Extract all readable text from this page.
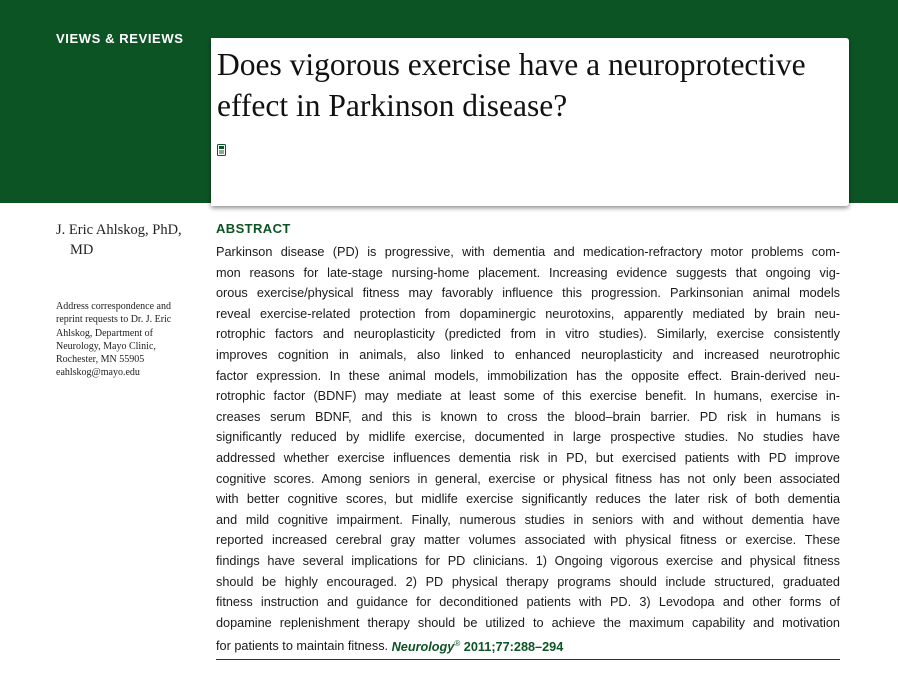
VIEWS & REVIEWS
Does vigorous exercise have a neuroprotective effect in Parkinson disease?

J. Eric Ahlskog, PhD,
MD

Address correspondence and
reprint requests to Dr. J. Eric
Ahlskog, Department of
Neurology, Mayo Clinic,
Rochester, MN 55905
eahlskog@mayo.edu
ABSTRACT

Parkinson disease (PD) is progressive, with dementia and medication-refractory motor problems com-
mon reasons for late-stage nursing-home placement. Increasing evidence suggests that ongoing vig-
orous exercise/physical fitness may favorably influence this progression. Parkinsonian animal models
reveal exercise-related protection from dopaminergic neurotoxins, apparently mediated by brain neu-
rotrophic factors and neuroplasticity (predicted from in vitro studies). Similarly, exercise consistently
improves cognition in animals, also linked to enhanced neuroplasticity and increased neurotrophic
factor expression. In these animal models, immobilization has the opposite effect. Brain-derived neu-
rotrophic factor (BDNF) may mediate at least some of this exercise benefit. In humans, exercise in-
creases serum BDNF, and this is known to cross the blood–brain barrier. PD risk in humans is
significantly reduced by midlife exercise, documented in large prospective studies. No studies have
addressed whether exercise influences dementia risk in PD, but exercised patients with PD improve
cognitive scores. Among seniors in general, exercise or physical fitness has not only been associated
with better cognitive scores, but midlife exercise significantly reduces the later risk of both dementia
and mild cognitive impairment. Finally, numerous studies in seniors with and without dementia have
reported increased cerebral gray matter volumes associated with physical fitness or exercise. These
findings have several implications for PD clinicians. 1) Ongoing vigorous exercise and physical fitness
should be highly encouraged. 2) PD physical therapy programs should include structured, graduated
fitness instruction and guidance for deconditioned patients with PD. 3) Levodopa and other forms of
dopamine replenishment therapy should be utilized to achieve the maximum capability and motivation
for patients to maintain fitness. Neurology® 2011;77:288–294
